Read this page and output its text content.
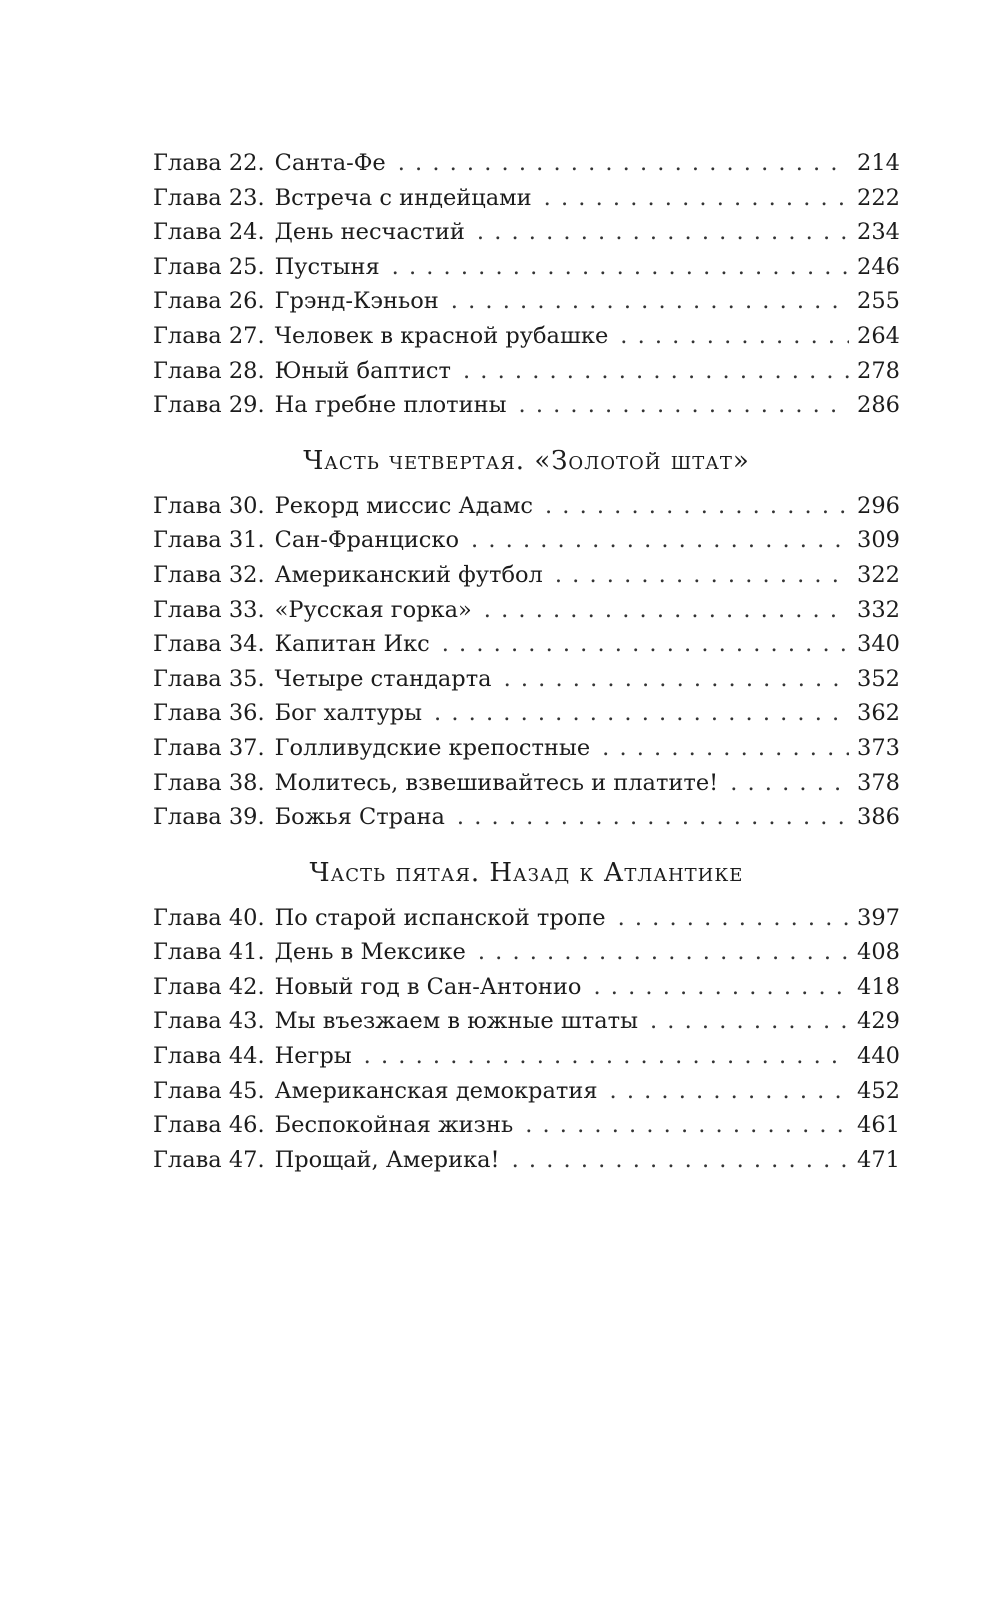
Глава 22. Санта-Фе . . .	214
Глава 23. Встреча с индейцами . . .	222
Глава 24. День несчастий . . .	234
Глава 25. Пустыня . . .	246
Глава 26. Грэнд-Кэньон . . .	255
Глава 27. Человек в красной рубашке . . .	264
Глава 28. Юный баптист . . .	278
Глава 29. На гребне плотины . . .	286
Часть четвертая. «Золотой штат»
Глава 30. Рекорд миссис Адамс . . .	296
Глава 31. Сан-Франциско . . .	309
Глава 32. Американский футбол . . .	322
Глава 33. «Русская горка» . . .	332
Глава 34. Капитан Икс . . .	340
Глава 35. Четыре стандарта . . .	352
Глава 36. Бог халтуры . . .	362
Глава 37. Голливудские крепостные . . .	373
Глава 38. Молитесь, взвешивайтесь и платите! . . .	378
Глава 39. Божья Страна . . .	386
Часть пятая. Назад к Атлантике
Глава 40. По старой испанской тропе . . .	397
Глава 41. День в Мексике . . .	408
Глава 42. Новый год в Сан-Антонио . . .	418
Глава 43. Мы въезжаем в южные штаты . . .	429
Глава 44. Негры . . .	440
Глава 45. Американская демократия . . .	452
Глава 46. Беспокойная жизнь . . .	461
Глава 47. Прощай, Америка! . . .	471
